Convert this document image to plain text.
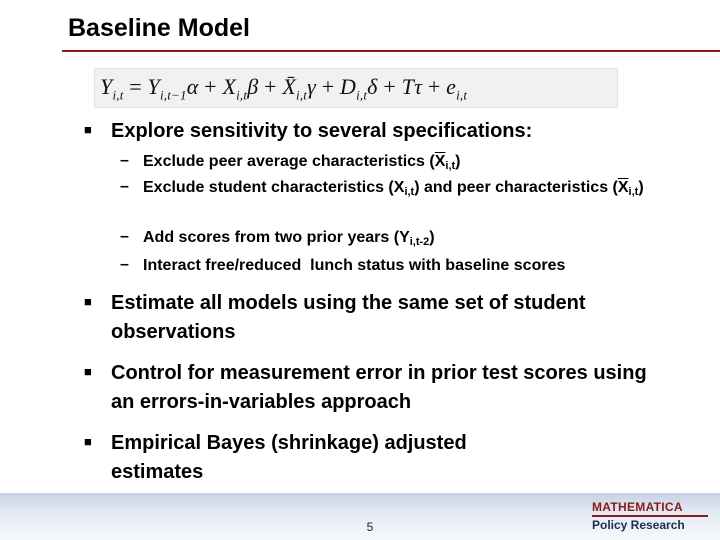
Baseline Model
$Y_{i,t} = Y_{i,t-1}\alpha + X_{i,t}\beta$ + $X̄_{i,t}\gamma + D_{i,t}\delta + T\tau + e_{i,t}$
■ Explore sensitivity to several specifications:
– Exclude peer average characteristics $(\overline{X}_{i,t})$
– Exclude student characteristics $(X_{i,t})$ and peer characteristics $(\overline{X}_{i,t})$
– Add scores from two prior years $(Y_{i,t-2})$
– Interact free/reduced  lunch status with baseline scores
■ Estimate all models using the same set of student observations
■ Control for measurement error in prior test scores using an errors-in-variables approach
■ Empirical Bayes (shrinkage) adjusted estimates
5
MATHEMATICA
Policy Research
